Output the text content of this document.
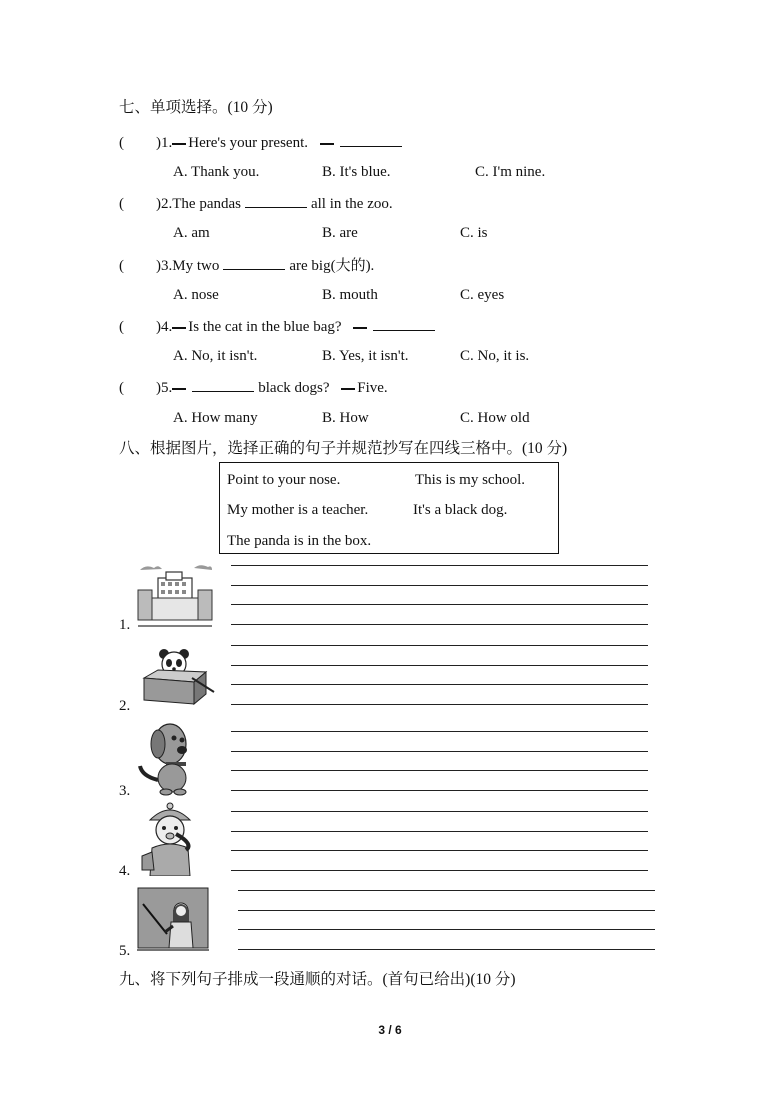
七、单项选择。(10 分)
( )1. Here's your present.
A. Thank you.	B. It's blue.	C. I'm nine.
( )2.The pandas	all in the zoo.
A. am	B. are	C. is
( )3.My two	are big(大的).
A. nose	B. mouth	C. eyes
( )4. Is the cat in the blue bag?
A. No, it isn't.	B. Yes, it isn't.	C. No, it is.
( )5.	black dogs? Five.
A. How many	B. How	C. How old
八、根据图片，选择正确的句子并规范抄写在四线三格中。(10 分)
Point to your nose.	This is my school.
My mother is a teacher.	It's a black dog.
The panda is in the box.
1.
2.
3.
4.
5.
九、将下列句子排成一段通顺的对话。(首句已给出)(10 分)
3 / 6
